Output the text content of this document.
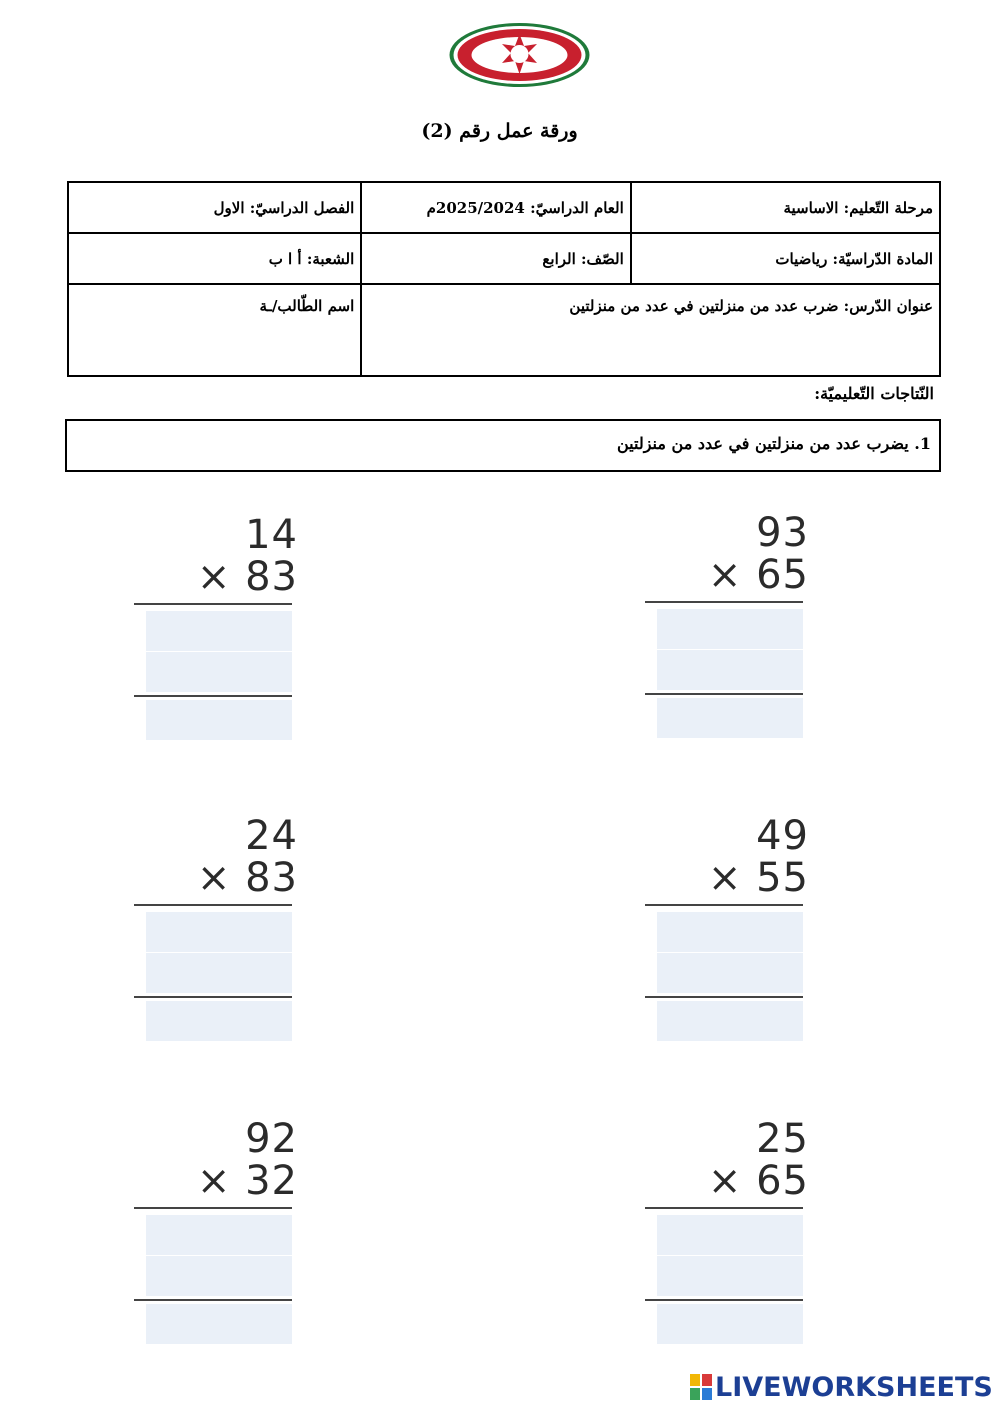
ورقة عمل رقم (2)
مرحلة التّعليم: الاساسية	العام الدراسيّ: 2025/2024م	الفصل الدراسيّ: الاول
المادة الدّراسيّة: رياضيات	الصّف: الرابع	الشعبة: أ ا ب
عنوان الدّرس: ضرب عدد من منزلتين في عدد من منزلتين		اسم الطّالب/ـة
النّتاجات التّعليميّة:
1. يضرب عدد من منزلتين في عدد من منزلتين
14
× 83
93
× 65
24
× 83
49
× 55
92
× 32
25
× 65
LIVEWORKSHEETS
